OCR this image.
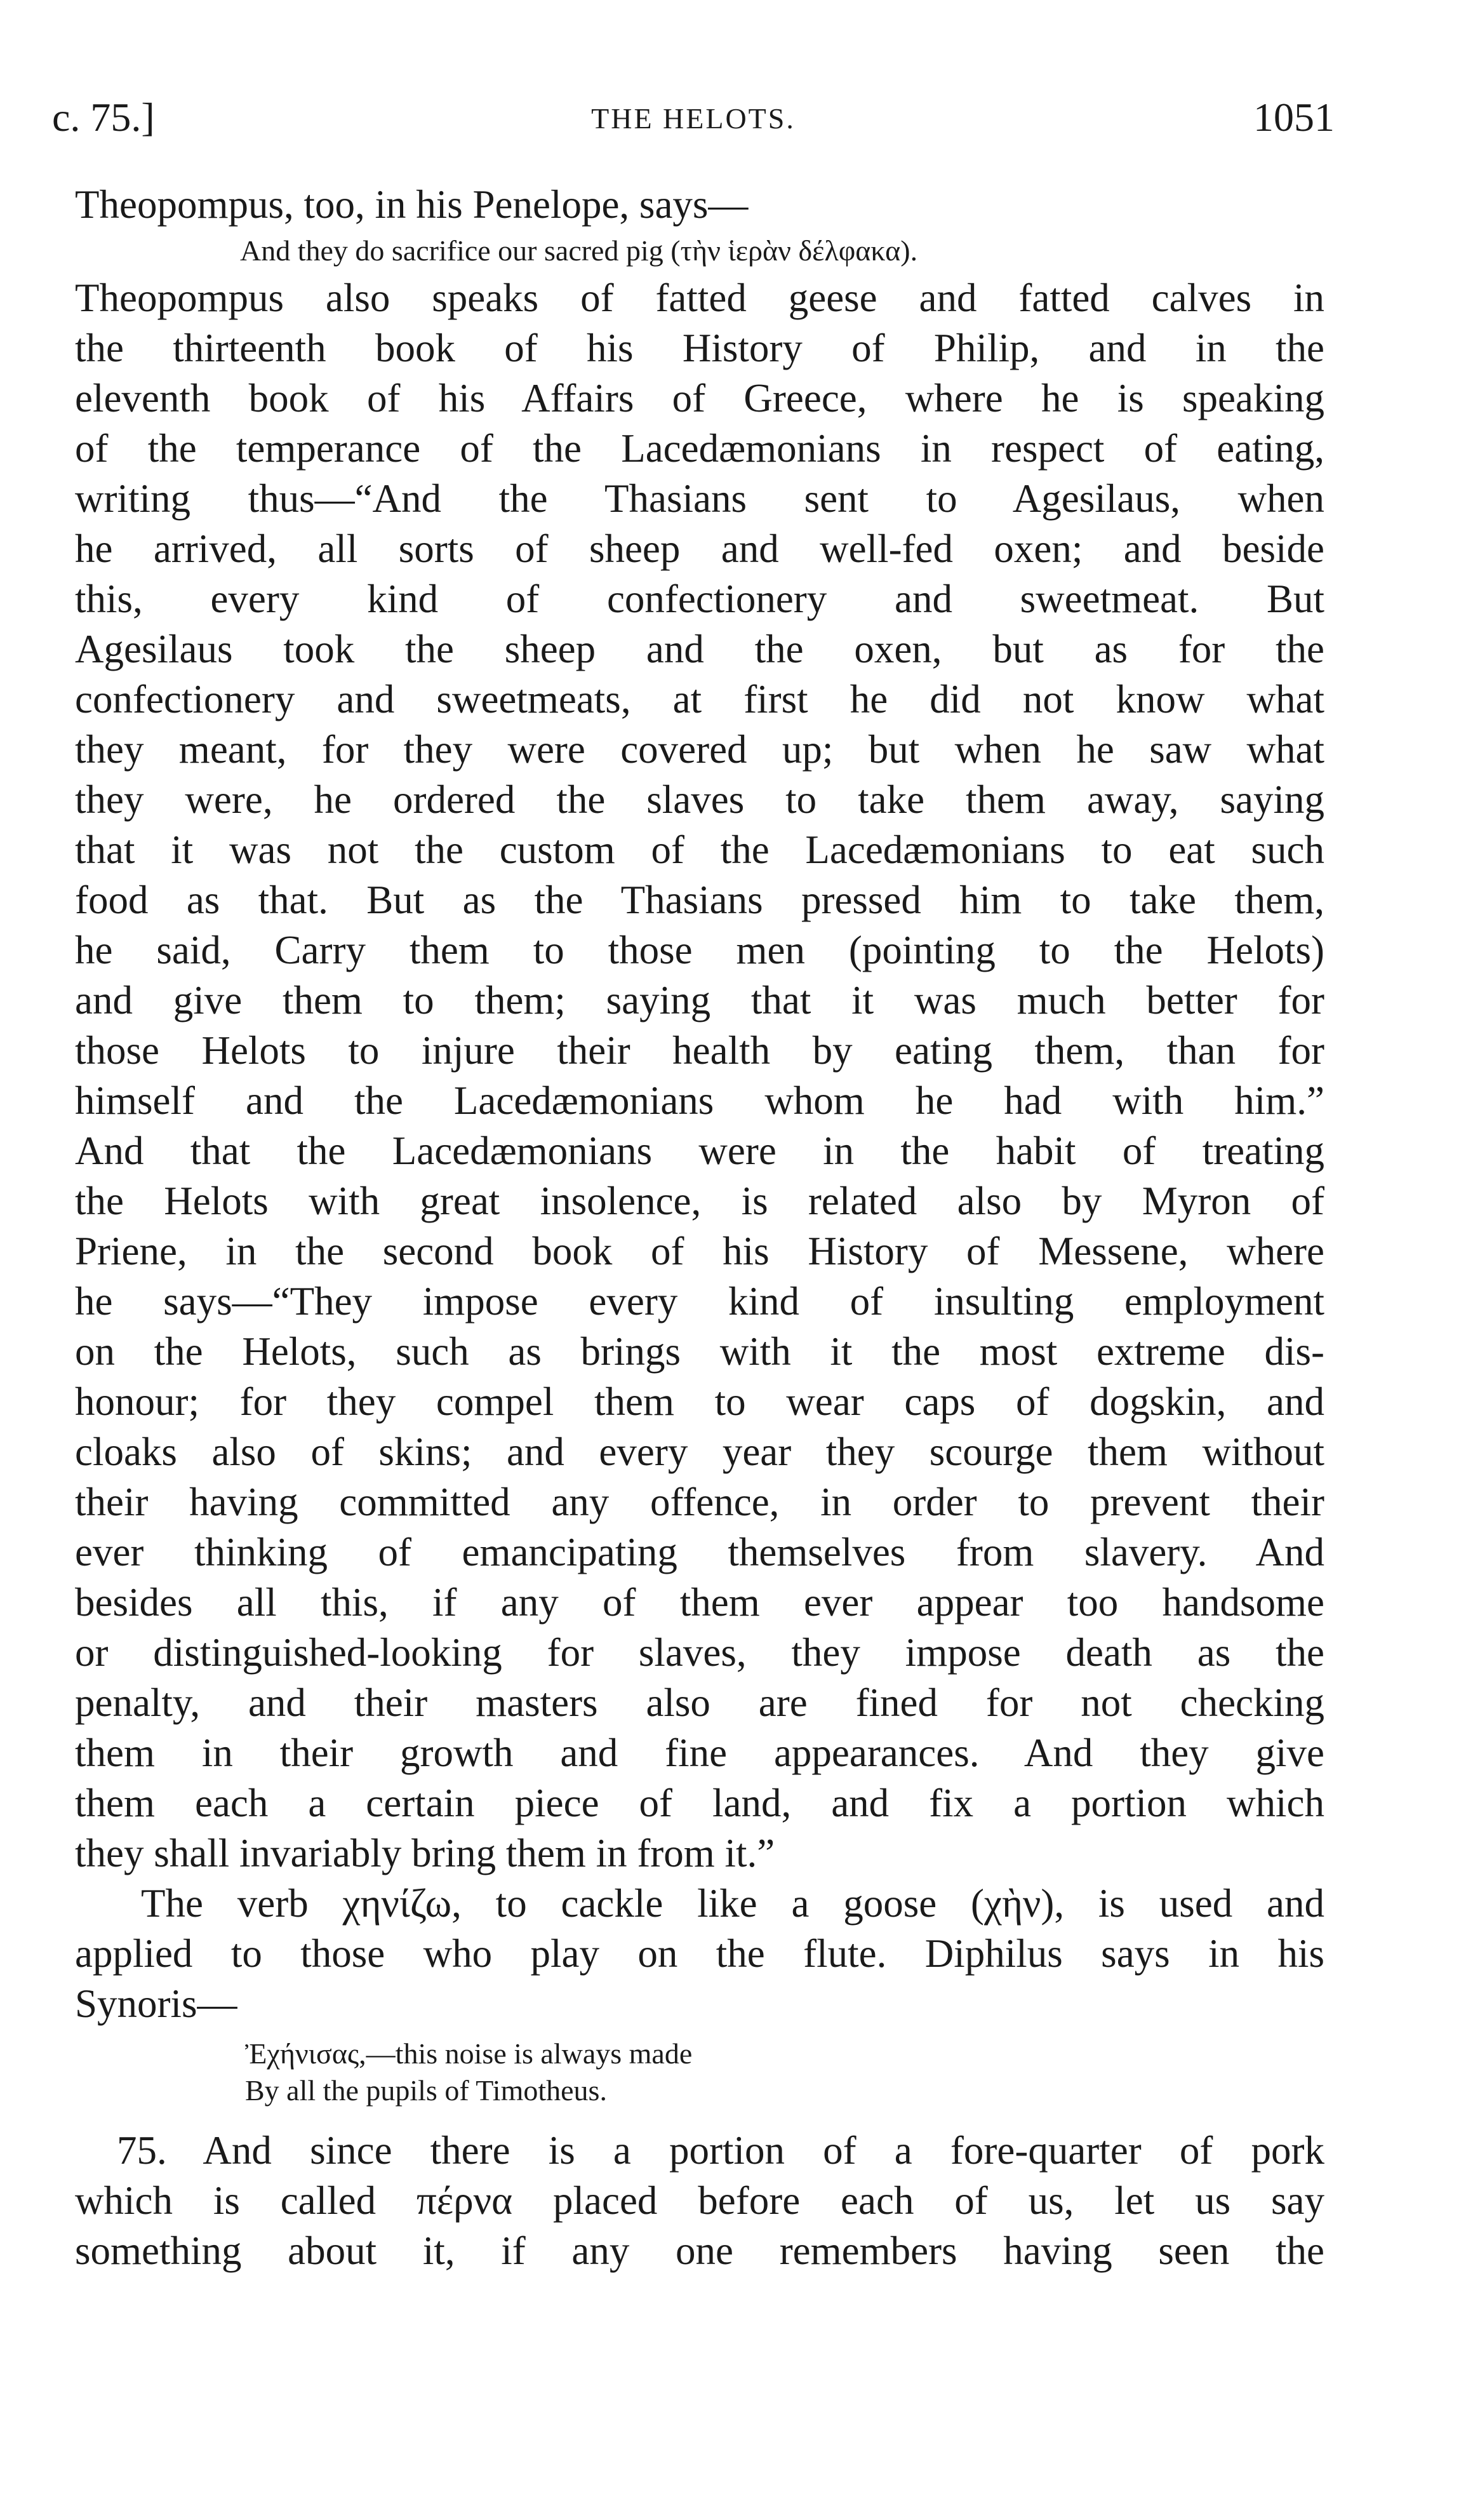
c. 75.]	THE HELOTS.	1051
Theopompus, too, in his Penelope, says—
And they do sacrifice our sacred pig (τὴν ἱερὰν δέλφακα).
Theopompus also speaks of fatted geese and fatted calves in
the thirteenth book of his History of Philip, and in the
eleventh book of his Affairs of Greece, where he is speaking
of the temperance of the Lacedæmonians in respect of eating,
writing thus—“And the Thasians sent to Agesilaus, when
he arrived, all sorts of sheep and well-fed oxen; and beside
this, every kind of confectionery and sweetmeat. But
Agesilaus took the sheep and the oxen, but as for the
confectionery and sweetmeats, at first he did not know what
they meant, for they were covered up; but when he saw what
they were, he ordered the slaves to take them away, saying
that it was not the custom of the Lacedæmonians to eat such
food as that. But as the Thasians pressed him to take them,
he said, Carry them to those men (pointing to the Helots)
and give them to them; saying that it was much better for
those Helots to injure their health by eating them, than for
himself and the Lacedæmonians whom he had with him.”
And that the Lacedæmonians were in the habit of treating
the Helots with great insolence, is related also by Myron of
Priene, in the second book of his History of Messene, where
he says—“They impose every kind of insulting employment
on the Helots, such as brings with it the most extreme dis-
honour; for they compel them to wear caps of dogskin, and
cloaks also of skins; and every year they scourge them without
their having committed any offence, in order to prevent their
ever thinking of emancipating themselves from slavery. And
besides all this, if any of them ever appear too handsome
or distinguished-looking for slaves, they impose death as the
penalty, and their masters also are fined for not checking
them in their growth and fine appearances. And they give
them each a certain piece of land, and fix a portion which
they shall invariably bring them in from it.”
The verb χηνίζω, to cackle like a goose (χὴν), is used and
applied to those who play on the flute. Diphilus says in his
Synoris—
Ἐχήνισας,—this noise is always made
By all the pupils of Timotheus.
75. And since there is a portion of a fore-quarter of pork
which is called πέρνα placed before each of us, let us say
something about it, if any one remembers having seen the
